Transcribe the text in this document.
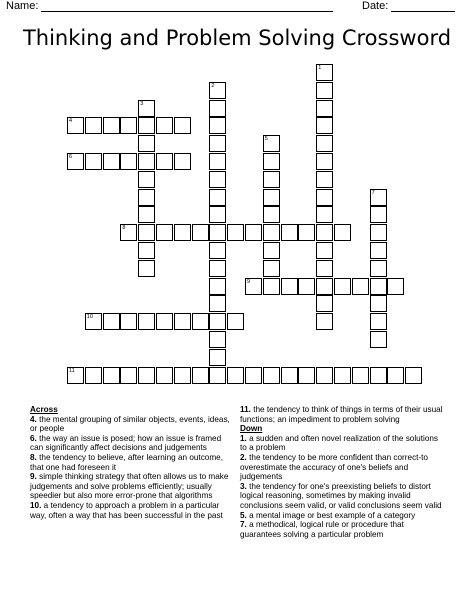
Name:	Date:
Thinking and Problem Solving Crossword
1
2
3
4
5
6
7
8
9
10
11
Across
4. the mental grouping of similar objects, events, ideas, or people
6. the way an issue is posed; how an issue is framed can significantly affect decisions and judgements
8. the tendency to believe, after learning an outcome, that one had foreseen it
9. simple thinking strategy that often allows us to make judgements and solve problems efficiently; usually speedier but also more error-prone that algorithms
10. a tendency to approach a problem in a particular way, often a way that has been successful in the past
11. the tendency to think of things in terms of their usual functions; an impediment to problem solving
Down
1. a sudden and often novel realization of the solutions to a problem
2. the tendency to be more confident than correct-to overestimate the accuracy of one's beliefs and judgements
3. the tendency for one's preexisting beliefs to distort logical reasoning, sometimes by making invalid conclusions seem valid, or valid conclusions seem valid
5. a mental image or best example of a category
7. a methodical, logical rule or procedure that guarantees solving a particular problem
